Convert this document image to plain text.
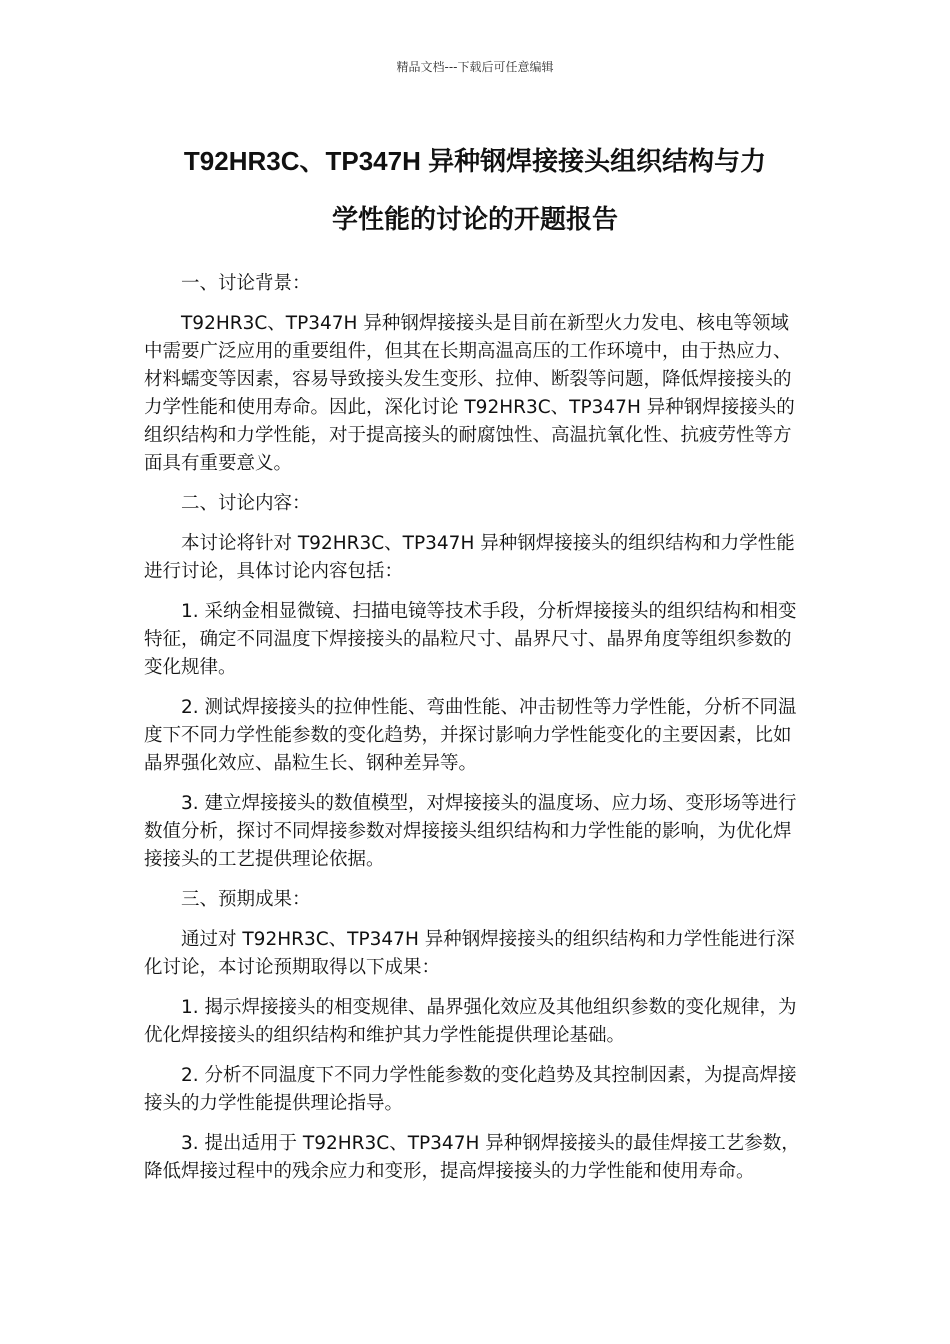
精品文档---下载后可任意编辑
T92HR3C、TP347H 异种钢焊接接头组织结构与力
学性能的讨论的开题报告

一、讨论背景：

T92HR3C、TP347H 异种钢焊接接头是目前在新型火力发电、核电等领域中需要广泛应用的重要组件，但其在长期高温高压的工作环境中，由于热应力、材料蠕变等因素，容易导致接头发生变形、拉伸、断裂等问题，降低焊接接头的力学性能和使用寿命。因此，深化讨论 T92HR3C、TP347H 异种钢焊接接头的组织结构和力学性能，对于提高接头的耐腐蚀性、高温抗氧化性、抗疲劳性等方面具有重要意义。

二、讨论内容：

本讨论将针对 T92HR3C、TP347H 异种钢焊接接头的组织结构和力学性能进行讨论，具体讨论内容包括：

1. 采纳金相显微镜、扫描电镜等技术手段，分析焊接接头的组织结构和相变特征，确定不同温度下焊接接头的晶粒尺寸、晶界尺寸、晶界角度等组织参数的变化规律。

2. 测试焊接接头的拉伸性能、弯曲性能、冲击韧性等力学性能，分析不同温度下不同力学性能参数的变化趋势，并探讨影响力学性能变化的主要因素，比如晶界强化效应、晶粒生长、钢种差异等。

3. 建立焊接接头的数值模型，对焊接接头的温度场、应力场、变形场等进行数值分析，探讨不同焊接参数对焊接接头组织结构和力学性能的影响，为优化焊接接头的工艺提供理论依据。

三、预期成果：

通过对 T92HR3C、TP347H 异种钢焊接接头的组织结构和力学性能进行深化讨论，本讨论预期取得以下成果：

1. 揭示焊接接头的相变规律、晶界强化效应及其他组织参数的变化规律，为优化焊接接头的组织结构和维护其力学性能提供理论基础。

2. 分析不同温度下不同力学性能参数的变化趋势及其控制因素，为提高焊接接头的力学性能提供理论指导。

3. 提出适用于 T92HR3C、TP347H 异种钢焊接接头的最佳焊接工艺参数，降低焊接过程中的残余应力和变形，提高焊接接头的力学性能和使用寿命。
